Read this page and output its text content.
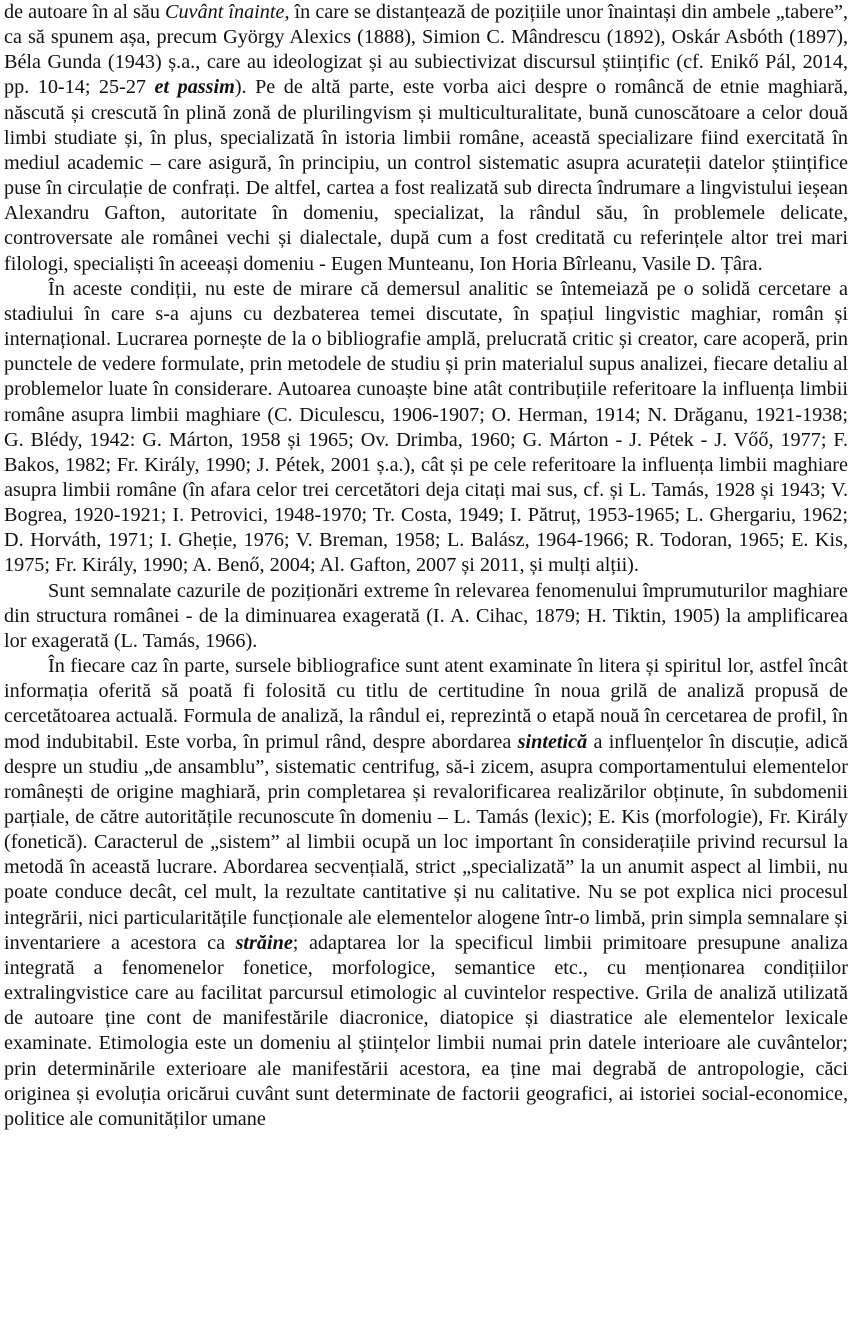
de autoare în al său Cuvânt înainte, în care se distanțează de pozițiile unor înaintași din ambele „tabere”, ca să spunem așa, precum György Alexics (1888), Simion C. Mândrescu (1892), Oskár Asbóth (1897), Béla Gunda (1943) ș.a., care au ideologizat și au subiectivizat discursul științific (cf. Enikő Pál, 2014, pp. 10-14; 25-27 et passim). Pe de altă parte, este vorba aici despre o româncă de etnie maghiară, născută și crescută în plină zonă de plurilingvism și multiculturalitate, bună cunoscătoare a celor două limbi studiate și, în plus, specializată în istoria limbii române, această specializare fiind exercitată în mediul academic – care asigură, în principiu, un control sistematic asupra acurateții datelor științifice puse în circulație de confrați. De altfel, cartea a fost realizată sub directa îndrumare a lingvistului ieșean Alexandru Gafton, autoritate în domeniu, specializat, la rândul său, în problemele delicate, controversate ale românei vechi și dialectale, după cum a fost creditată cu referințele altor trei mari filologi, specialiști în aceeași domeniu - Eugen Munteanu, Ion Horia Bîrleanu, Vasile D. Țâra.

În aceste condiții, nu este de mirare că demersul analitic se întemeiază pe o solidă cercetare a stadiului în care s-a ajuns cu dezbaterea temei discutate, în spațiul lingvistic maghiar, român și internațional. Lucrarea pornește de la o bibliografie amplă, prelucrată critic și creator, care acoperă, prin punctele de vedere formulate, prin metodele de studiu și prin materialul supus analizei, fiecare detaliu al problemelor luate în considerare. Autoarea cunoaște bine atât contribuțiile referitoare la influența limbii române asupra limbii maghiare (C. Diculescu, 1906-1907; O. Herman, 1914; N. Drăganu, 1921-1938; G. Blédy, 1942: G. Márton, 1958 și 1965; Ov. Drimba, 1960; G. Márton - J. Pétek - J. Vőő, 1977; F. Bakos, 1982; Fr. Király, 1990; J. Pétek, 2001 ș.a.), cât și pe cele referitoare la influența limbii maghiare asupra limbii române (în afara celor trei cercetători deja citați mai sus, cf. și L. Tamás, 1928 și 1943; V. Bogrea, 1920-1921; I. Petrovici, 1948-1970; Tr. Costa, 1949; I. Pătruț, 1953-1965; L. Ghergariu, 1962; D. Horváth, 1971; I. Gheție, 1976; V. Breman, 1958; L. Balász, 1964-1966; R. Todoran, 1965; E. Kis, 1975; Fr. Király, 1990; A. Benő, 2004; Al. Gafton, 2007 și 2011, și mulți alții).

Sunt semnalate cazurile de poziționări extreme în relevarea fenomenului împrumuturilor maghiare din structura românei - de la diminuarea exagerată (I. A. Cihac, 1879; H. Tiktin, 1905) la amplificarea lor exagerată (L. Tamás, 1966).

În fiecare caz în parte, sursele bibliografice sunt atent examinate în litera și spiritul lor, astfel încât informația oferită să poată fi folosită cu titlu de certitudine în noua grilă de analiză propusă de cercetătoarea actuală. Formula de analiză, la rândul ei, reprezintă o etapă nouă în cercetarea de profil, în mod indubitabil. Este vorba, în primul rând, despre abordarea sintetică a influențelor în discuție, adică despre un studiu „de ansamblu”, sistematic centrifug, să-i zicem, asupra comportamentului elementelor românești de origine maghiară, prin completarea și revalorificarea realizărilor obținute, în subdomenii parțiale, de către autoritățile recunoscute în domeniu – L. Tamás (lexic); E. Kis (morfologie), Fr. Király (fonetică). Caracterul de „sistem” al limbii ocupă un loc important în considerațiile privind recursul la metodă în această lucrare. Abordarea secvențială, strict „specializată” la un anumit aspect al limbii, nu poate conduce decât, cel mult, la rezultate cantitative și nu calitative. Nu se pot explica nici procesul integrării, nici particularitățile funcționale ale elementelor alogene într-o limbă, prin simpla semnalare și inventariere a acestora ca străine; adaptarea lor la specificul limbii primitoare presupune analiza integrată a fenomenelor fonetice, morfologice, semantice etc., cu menționarea condițiilor extralingvistice care au facilitat parcursul etimologic al cuvintelor respective. Grila de analiză utilizată de autoare ține cont de manifestările diacronice, diatopice și diastratice ale elementelor lexicale examinate. Etimologia este un domeniu al științelor limbii numai prin datele interioare ale cuvântelor; prin determinările exterioare ale manifestării acestora, ea ține mai degrabă de antropologie, căci originea și evoluția oricărui cuvânt sunt determinate de factorii geografici, ai istoriei social-economice, politice ale comunităților umane
